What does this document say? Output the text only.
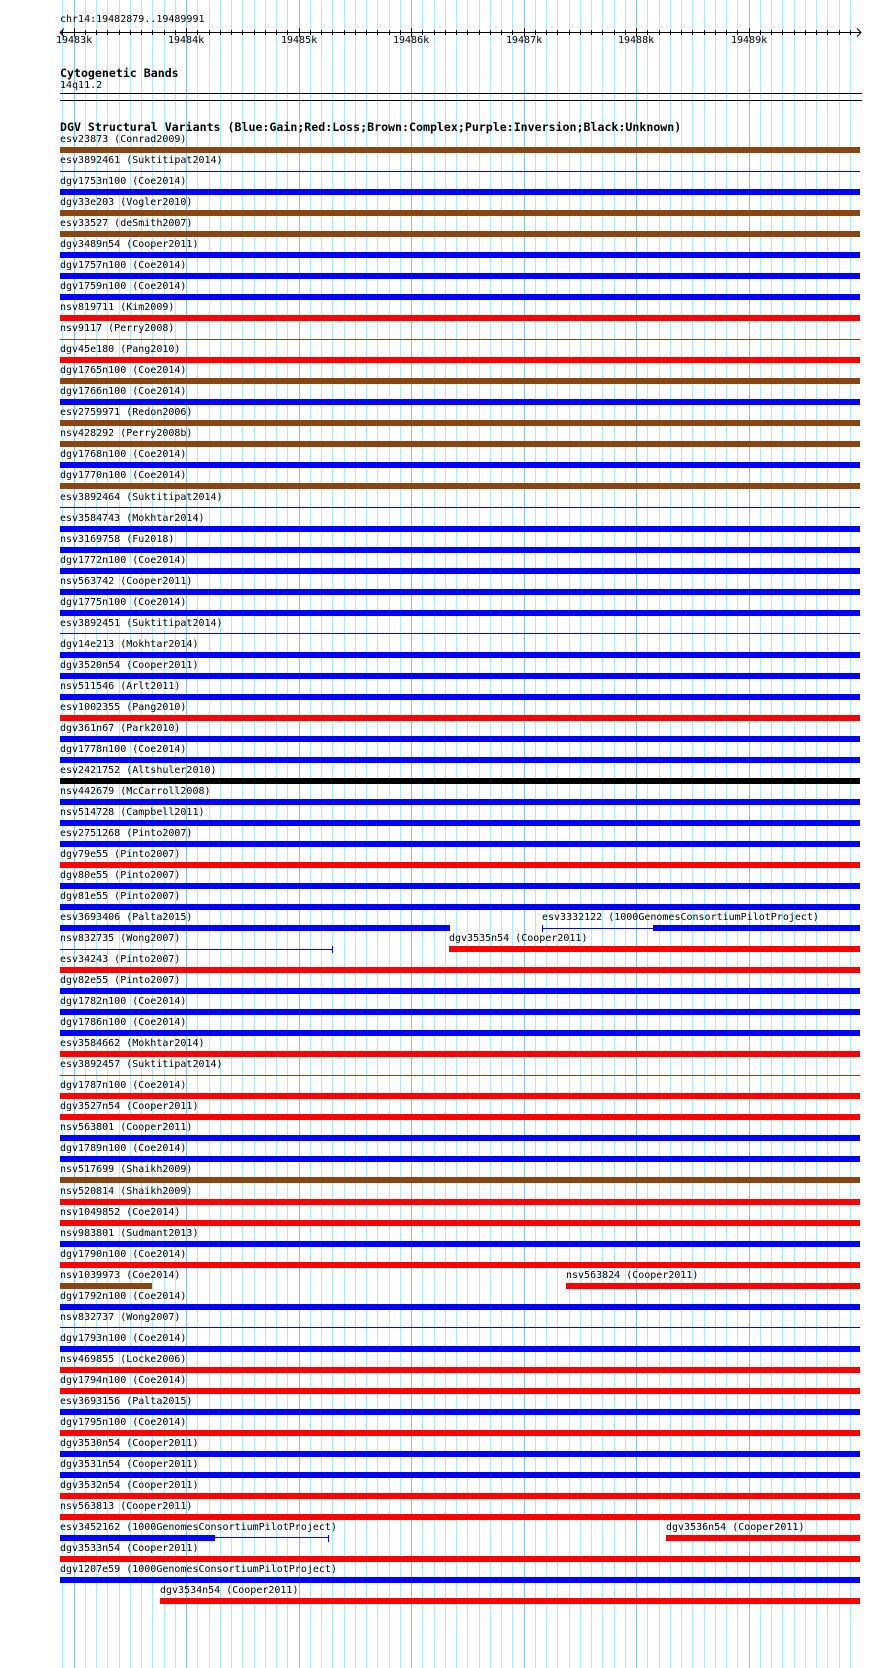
chr14:19482879..19489991
19483k	19484k	19485k	19486k	19487k	19488k	19489k
Cytogenetic Bands
14q11.2
DGV Structural Variants (Blue:Gain;Red:Loss;Brown:Complex;Purple:Inversion;Black:Unknown)
esv23873 (Conrad2009)
esv3892461 (Suktitipat2014)
dgv1753n100 (Coe2014)
dgv33e203 (Vogler2010)
esv33527 (deSmith2007)
dgv3489n54 (Cooper2011)
dgv1757n100 (Coe2014)
dgv1759n100 (Coe2014)
nsv819711 (Kim2009)
nsv9117 (Perry2008)
dgv45e180 (Pang2010)
dgv1765n100 (Coe2014)
dgv1766n100 (Coe2014)
esv2759971 (Redon2006)
nsv428292 (Perry2008b)
dgv1768n100 (Coe2014)
dgv1770n100 (Coe2014)
esv3892464 (Suktitipat2014)
esv3584743 (Mokhtar2014)
nsv3169758 (Fu2018)
dgv1772n100 (Coe2014)
nsv563742 (Cooper2011)
dgv1775n100 (Coe2014)
esv3892451 (Suktitipat2014)
dgv14e213 (Mokhtar2014)
dgv3520n54 (Cooper2011)
nsv511546 (Arlt2011)
esv1002355 (Pang2010)
dgv361n67 (Park2010)
dgv1778n100 (Coe2014)
esv2421752 (Altshuler2010)
nsv442679 (McCarroll2008)
nsv514728 (Campbell2011)
esv2751268 (Pinto2007)
dgv79e55 (Pinto2007)
dgv80e55 (Pinto2007)
dgv81e55 (Pinto2007)
esv3693406 (Palta2015)	esv3332122 (1000GenomesConsortiumPilotProject)
nsv832735 (Wong2007)	dgv3535n54 (Cooper2011)
esv34243 (Pinto2007)
dgv82e55 (Pinto2007)
dgv1782n100 (Coe2014)
dgv1786n100 (Coe2014)
esv3584662 (Mokhtar2014)
esv3892457 (Suktitipat2014)
dgv1787n100 (Coe2014)
dgv3527n54 (Cooper2011)
nsv563801 (Cooper2011)
dgv1789n100 (Coe2014)
nsv517699 (Shaikh2009)
nsv520814 (Shaikh2009)
nsv1049852 (Coe2014)
nsv983801 (Sudmant2013)
dgv1790n100 (Coe2014)
nsv1039973 (Coe2014)	nsv563824 (Cooper2011)
dgv1792n100 (Coe2014)
nsv832737 (Wong2007)
dgv1793n100 (Coe2014)
nsv469855 (Locke2006)
dgv1794n100 (Coe2014)
esv3693156 (Palta2015)
dgv1795n100 (Coe2014)
dgv3530n54 (Cooper2011)
dgv3531n54 (Cooper2011)
dgv3532n54 (Cooper2011)
nsv563813 (Cooper2011)
esv3452162 (1000GenomesConsortiumPilotProject)	dgv3536n54 (Cooper2011)
dgv3533n54 (Cooper2011)
dgv1207e59 (1000GenomesConsortiumPilotProject)
dgv3534n54 (Cooper2011)
